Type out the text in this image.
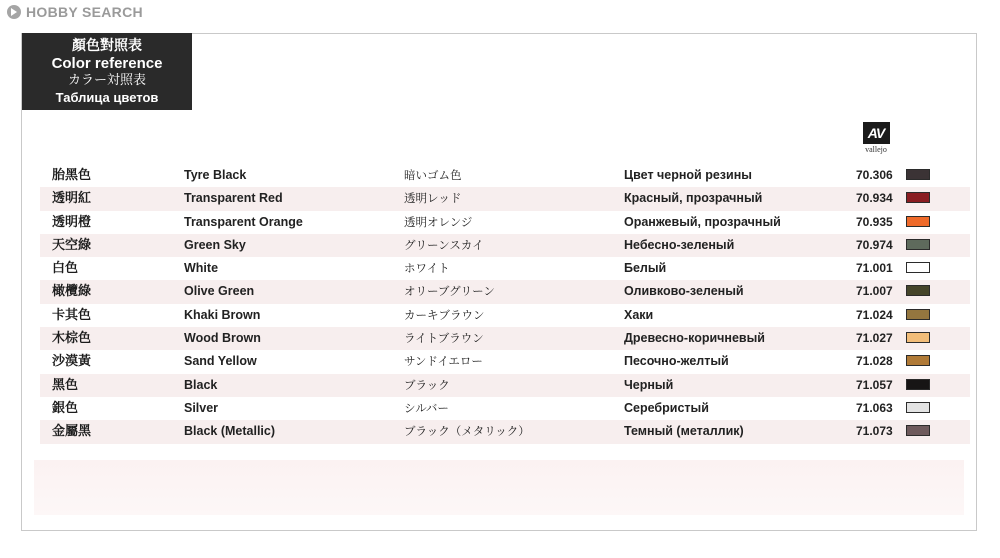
HOBBY SEARCH
顏色對照表
Color reference
カラー対照表
Таблица цветов
AV
vallejo
胎黑色	Tyre Black	暗いゴム色	Цвет черной резины	70.306
透明紅	Transparent Red	透明レッド	Красный, прозрачный	70.934
透明橙	Transparent Orange	透明オレンジ	Оранжевый, прозрачный	70.935
天空綠	Green Sky	グリーンスカイ	Небесно-зеленый	70.974
白色	White	ホワイト	Белый	71.001
橄欖綠	Olive Green	オリーブグリーン	Оливково-зеленый	71.007
卡其色	Khaki Brown	カーキブラウン	Хаки	71.024
木棕色	Wood Brown	ライトブラウン	Древесно-коричневый	71.027
沙漠黃	Sand Yellow	サンドイエロー	Песочно-желтый	71.028
黑色	Black	ブラック	Черный	71.057
銀色	Silver	シルバー	Серебристый	71.063
金屬黑	Black (Metallic)	ブラック（メタリック）	Темный (металлик)	71.073
